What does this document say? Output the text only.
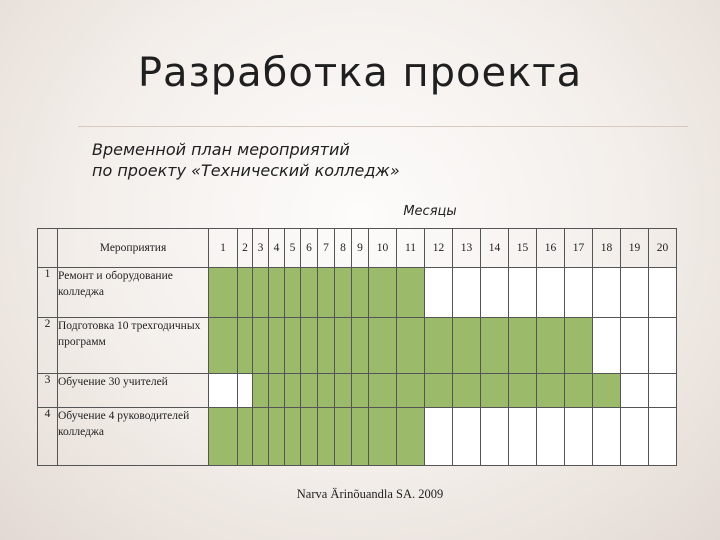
Разработка проекта
Временной план мероприятий
по проекту «Технический колледж»
Месяцы
	Мероприятия	1	2	3	4	5	6	7	8	9	10	11	12	13	14	15	16	17	18	19	20
1	Ремонт и оборудование колледжа																				
2	Подготовка 10 трехгодичных программ																				
3	Обучение 30 учителей																				
4	Обучение 4 руководителей колледжа																				
Narva Ärinõuandla SA. 2009
